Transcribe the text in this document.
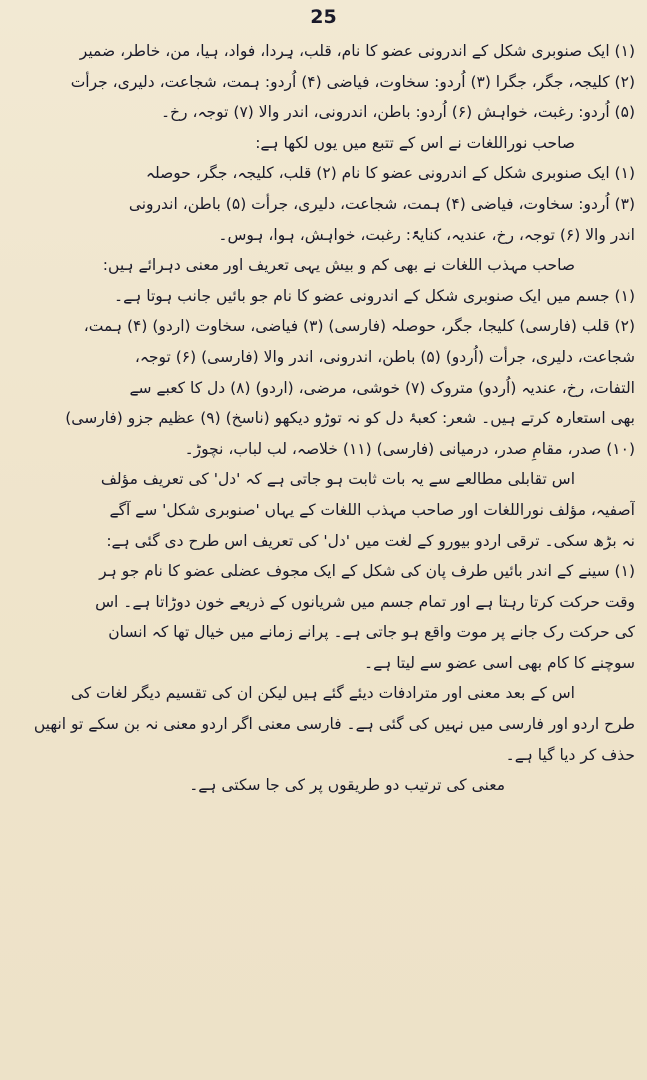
25
(۱) ایک صنوبری شکل کے اندرونی عضو کا نام، قلب، ہِردا، فواد، ہیا، من، خاطر، ضمیر
(۲) کلیجہ، جگر، جگرا (۳) اُردو: سخاوت، فیاضی (۴) اُردو: ہمت، شجاعت، دلیری، جرأت
(۵) اُردو: رغبت، خواہش (۶) اُردو: باطن، اندرونی، اندر والا (۷) توجہ، رخ۔
صاحب نوراللغات نے اس کے تتبع میں یوں لکھا ہے:
(۱) ایک صنوبری شکل کے اندرونی عضو کا نام (۲) قلب، کلیجہ، جگر، حوصلہ
(۳) اُردو: سخاوت، فیاضی (۴) ہمت، شجاعت، دلیری، جرأت (۵) باطن، اندرونی
اندر والا (۶) توجہ، رخ، عندیہ، کنایۃً: رغبت، خواہش، ہوا، ہوس۔
صاحب مہذب اللغات نے بھی کم و بیش یہی تعریف اور معنی دہرائے ہیں:
(۱) جسم میں ایک صنوبری شکل کے اندرونی عضو کا نام جو بائیں جانب ہوتا ہے۔
(۲) قلب (فارسی) کلیجا، جگر، حوصلہ (فارسی) (۳) فیاضی، سخاوت (اردو) (۴) ہمت،
شجاعت، دلیری، جرأت (اُردو) (۵) باطن، اندرونی، اندر والا (فارسی) (۶) توجہ،
التفات، رخ، عندیہ (اُردو) متروک (۷) خوشی، مرضی، (اردو) (۸) دل کا کعبے سے
بھی استعارہ کرتے ہیں۔ شعر: کعبۂ دل کو نہ توڑو دیکھو (ناسخ) (۹) عظیم جزو (فارسی)
(۱۰) صدر، مقامِ صدر، درمیانی (فارسی) (۱۱) خلاصہ، لب لباب، نچوڑ۔
اس تقابلی مطالعے سے یہ بات ثابت ہو جاتی ہے کہ 'دل' کی تعریف مؤلف
آصفیہ، مؤلف نوراللغات اور صاحب مہذب اللغات کے یہاں 'صنوبری شکل' سے آگے
نہ بڑھ سکی۔ ترقی اردو بیورو کے لغت میں 'دل' کی تعریف اس طرح دی گئی ہے:
(۱) سینے کے اندر بائیں طرف پان کی شکل کے ایک مجوف عضلی عضو کا نام جو ہر
وقت حرکت کرتا رہتا ہے اور تمام جسم میں شریانوں کے ذریعے خون دوڑاتا ہے۔ اس
کی حرکت رک جانے پر موت واقع ہو جاتی ہے۔ پرانے زمانے میں خیال تھا کہ انسان
سوچنے کا کام بھی اسی عضو سے لیتا ہے۔
اس کے بعد معنی اور مترادفات دیئے گئے ہیں لیکن ان کی تقسیم دیگر لغات کی
طرح اردو اور فارسی میں نہیں کی گئی ہے۔ فارسی معنی اگر اردو معنی نہ بن سکے تو انھیں
حذف کر دیا گیا ہے۔
معنی کی ترتیب دو طریقوں پر کی جا سکتی ہے۔
